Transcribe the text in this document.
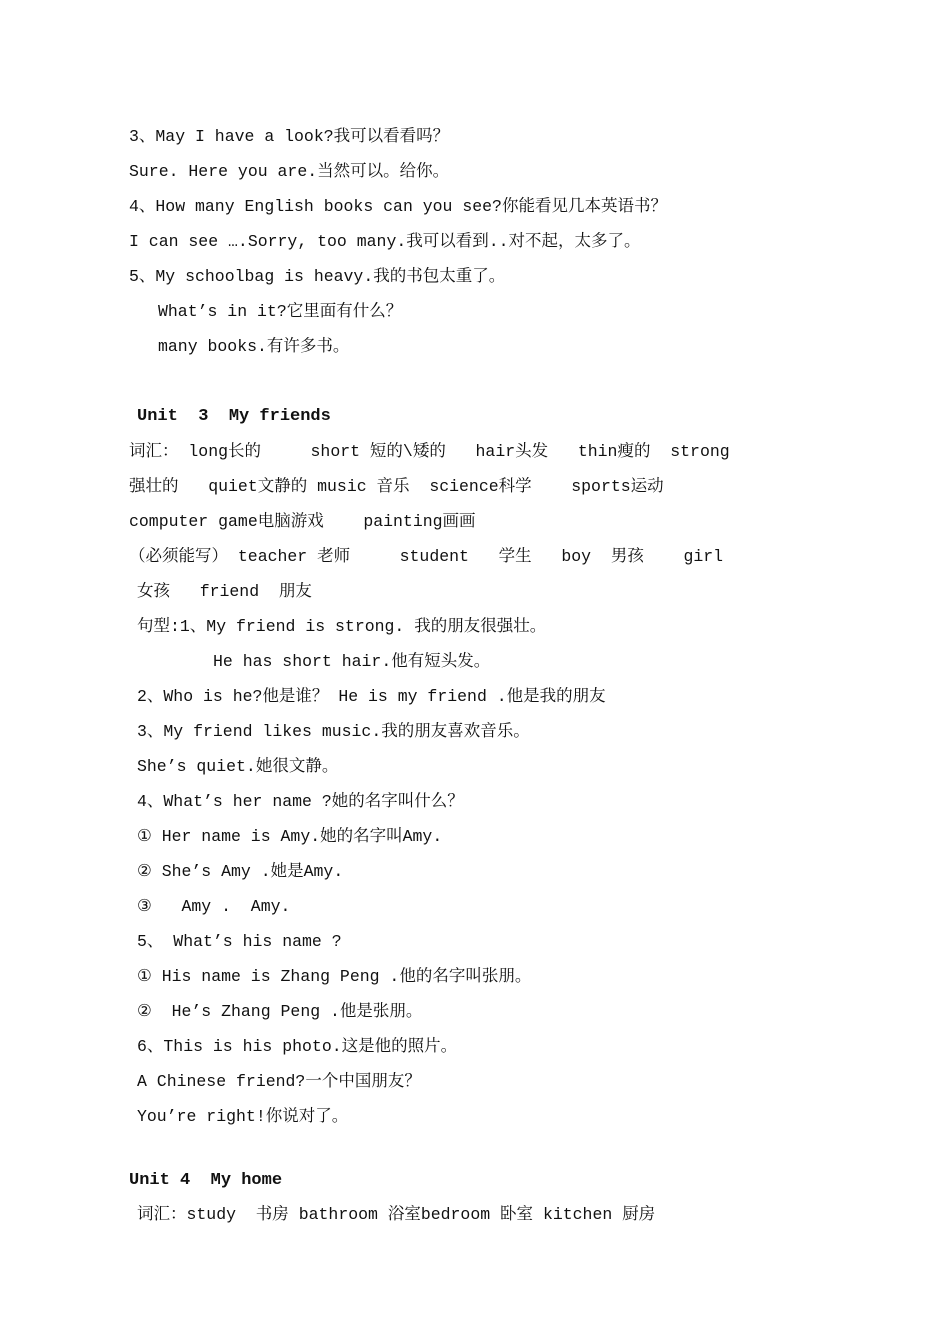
3、May I have a look?我可以看看吗？
Sure. Here you are.当然可以。给你。
4、How many English books can you see?你能看见几本英语书？
I can see ….Sorry, too many.我可以看到..对不起，太多了。
5、My schoolbag is heavy.我的书包太重了。
What’s in it?它里面有什么？
many books.有许多书。
Unit  3  My friends
词汇： long长的     short 短的\矮的   hair头发   thin瘦的  strong
强壮的   quiet文静的 music 音乐  science科学    sports运动
computer game电脑游戏    painting画画
（必须能写） teacher 老师     student   学生   boy  男孩    girl
女孩   friend  朋友
句型:1、My friend is strong. 我的朋友很强壮。
He has short hair.他有短头发。
2、Who is he?他是谁？ He is my friend .他是我的朋友
3、My friend likes music.我的朋友喜欢音乐。
She’s quiet.她很文静。
4、What’s her name ?她的名字叫什么？
① Her name is Amy.她的名字叫Amy.
② She’s Amy .她是Amy.
③   Amy .  Amy.
5、 What’s his name ?
① His name is Zhang Peng .他的名字叫张朋。
②  He’s Zhang Peng .他是张朋。
6、This is his photo.这是他的照片。
A Chinese friend?一个中国朋友？
You’re right!你说对了。
Unit 4  My home
词汇：study  书房 bathroom 浴室bedroom 卧室 kitchen 厨房
